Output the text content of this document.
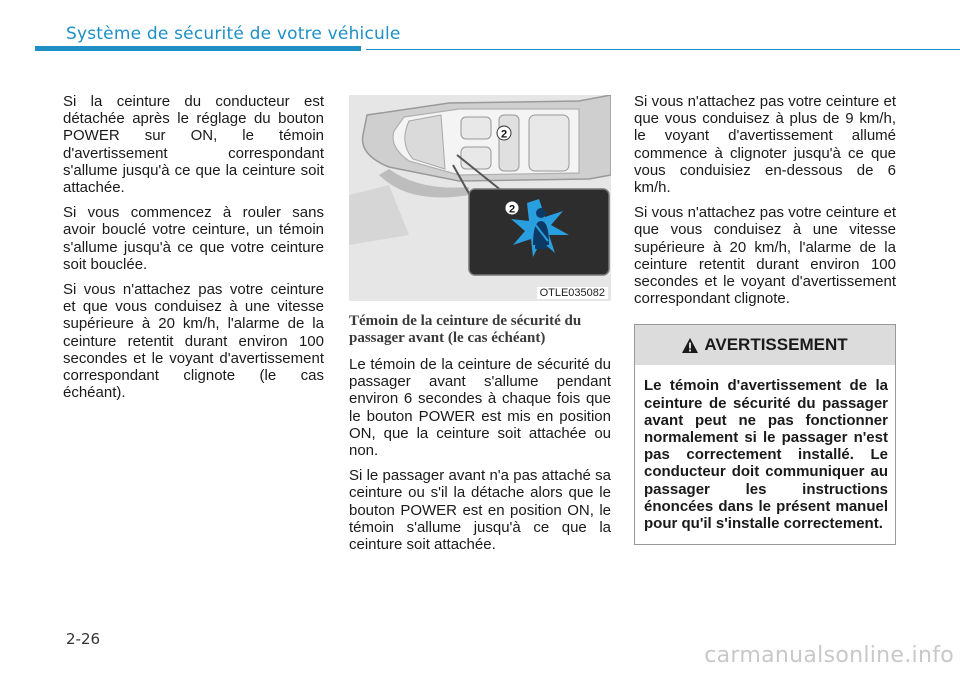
Système de sécurité de votre véhicule

Si la ceinture du conducteur est détachée après le réglage du bouton POWER sur ON, le témoin d'avertissement correspondant s'allume jusqu'à ce que la ceinture soit attachée.

Si vous commencez à rouler sans avoir bouclé votre ceinture, un témoin s'allume jusqu'à ce que votre ceinture soit bouclée.

Si vous n'attachez pas votre ceinture et que vous conduisez à une vitesse supérieure à 20 km/h, l'alarme de la ceinture retentit durant environ 100 secondes et le voyant d'avertissement correspondant clignote (le cas échéant).

2
2
OTLE035082
Témoin de la ceinture de sécurité du passager avant (le cas échéant)

Le témoin de la ceinture de sécurité du passager avant s'allume pendant environ 6 secondes à chaque fois que le bouton POWER est mis en position ON, que la ceinture soit attachée ou non.

Si le passager avant n'a pas attaché sa ceinture ou s'il la détache alors que le bouton POWER est en position ON, le témoin s'allume jusqu'à ce que la ceinture soit attachée.

Si vous n'attachez pas votre ceinture et que vous conduisez à plus de 9 km/h, le voyant d'avertissement allumé commence à clignoter jusqu'à ce que vous conduisiez en-dessous de 6 km/h.

Si vous n'attachez pas votre ceinture et que vous conduisez à une vitesse supérieure à 20 km/h, l'alarme de la ceinture retentit durant environ 100 secondes et le voyant d'avertissement correspondant clignote.

AVERTISSEMENT
Le témoin d'avertissement de la ceinture de sécurité du passager avant peut ne pas fonctionner normalement si le passager n'est pas correctement installé. Le conducteur doit communiquer au passager les instructions énoncées dans le présent manuel pour qu'il s'installe correctement.
2-26
carmanualsonline.info
